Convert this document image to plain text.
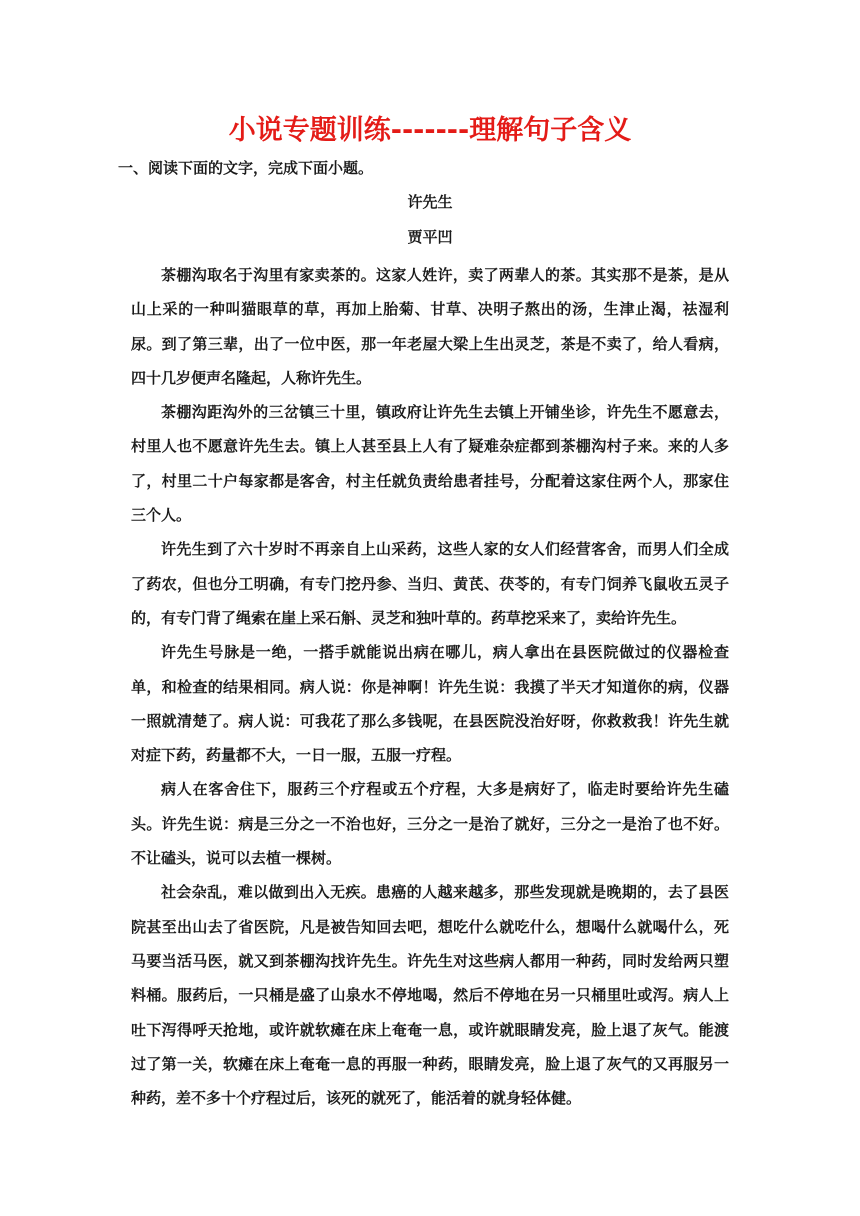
小说专题训练-------理解句子含义
一、阅读下面的文字，完成下面小题。
许先生
贾平凹

茶棚沟取名于沟里有家卖茶的。这家人姓许，卖了两辈人的茶。其实那不是茶，是从山上采的一种叫猫眼草的草，再加上胎菊、甘草、决明子熬出的汤，生津止渴，祛湿利尿。到了第三辈，出了一位中医，那一年老屋大梁上生出灵芝，茶是不卖了，给人看病，四十几岁便声名隆起，人称许先生。

茶棚沟距沟外的三岔镇三十里，镇政府让许先生去镇上开铺坐诊，许先生不愿意去，村里人也不愿意许先生去。镇上人甚至县上人有了疑难杂症都到茶棚沟村子来。来的人多了，村里二十户每家都是客舍，村主任就负责给患者挂号，分配着这家住两个人，那家住三个人。

许先生到了六十岁时不再亲自上山采药，这些人家的女人们经营客舍，而男人们全成了药农，但也分工明确，有专门挖丹参、当归、黄芪、茯苓的，有专门饲养飞鼠收五灵子的，有专门背了绳索在崖上采石斛、灵芝和独叶草的。药草挖采来了，卖给许先生。

许先生号脉是一绝，一搭手就能说出病在哪儿，病人拿出在县医院做过的仪器检查单，和检查的结果相同。病人说：你是神啊！许先生说：我摸了半天才知道你的病，仪器一照就清楚了。病人说：可我花了那么多钱呢，在县医院没治好呀，你救救我！许先生就对症下药，药量都不大，一日一服，五服一疗程。

病人在客舍住下，服药三个疗程或五个疗程，大多是病好了，临走时要给许先生磕头。许先生说：病是三分之一不治也好，三分之一是治了就好，三分之一是治了也不好。不让磕头，说可以去植一棵树。

社会杂乱，难以做到出入无疾。患癌的人越来越多，那些发现就是晚期的，去了县医院甚至出山去了省医院，凡是被告知回去吧，想吃什么就吃什么，想喝什么就喝什么，死马要当活马医，就又到茶棚沟找许先生。许先生对这些病人都用一种药，同时发给两只塑料桶。服药后，一只桶是盛了山泉水不停地喝，然后不停地在另一只桶里吐或泻。病人上吐下泻得呼天抢地，或许就软瘫在床上奄奄一息，或许就眼睛发亮，脸上退了灰气。能渡过了第一关，软瘫在床上奄奄一息的再服一种药，眼睛发亮，脸上退了灰气的又再服另一种药，差不多十个疗程过后，该死的就死了，能活着的就身轻体健。
